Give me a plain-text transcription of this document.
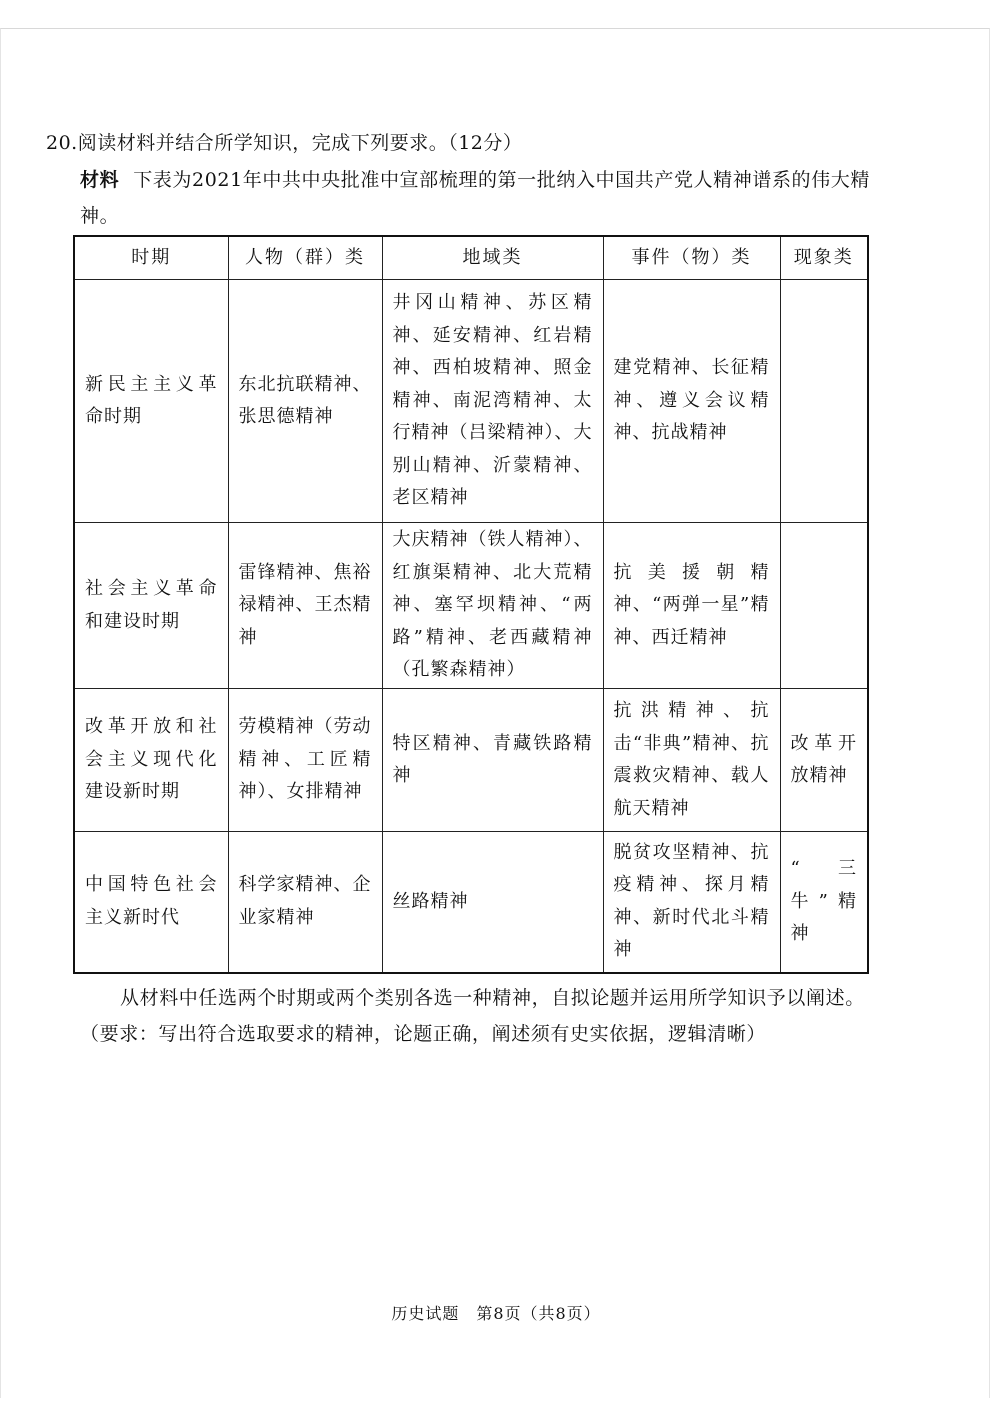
20.阅读材料并结合所学知识，完成下列要求。（12分）
材料 下表为2021年中共中央批准中宣部梳理的第一批纳入中国共产党人精神谱系的伟大精神。
时期	人物（群）类	地域类	事件（物）类	现象类
新民主主义革命时期	东北抗联精神、张思德精神	井冈山精神、苏区精神、延安精神、红岩精神、西柏坡精神、照金精神、南泥湾精神、太行精神（吕梁精神）、大别山精神、沂蒙精神、老区精神	建党精神、长征精神、遵义会议精神、抗战精神	
社会主义革命和建设时期	雷锋精神、焦裕禄精神、王杰精神	大庆精神（铁人精神）、红旗渠精神、北大荒精神、塞罕坝精神、“两路”精神、老西藏精神（孔繁森精神）	抗美援朝精神、“两弹一星”精神、西迁精神	
改革开放和社会主义现代化建设新时期	劳模精神（劳动精神、工匠精神）、女排精神	特区精神、青藏铁路精神	抗洪精神、抗击“非典”精神、抗震救灾精神、载人航天精神	改革开放精神
中国特色社会主义新时代	科学家精神、企业家精神	丝路精神	脱贫攻坚精神、抗疫精神、探月精神、新时代北斗精神	“三牛”精神
从材料中任选两个时期或两个类别各选一种精神，自拟论题并运用所学知识予以阐述。（要求：写出符合选取要求的精神，论题正确，阐述须有史实依据，逻辑清晰）
历史试题　第8页（共8页）
